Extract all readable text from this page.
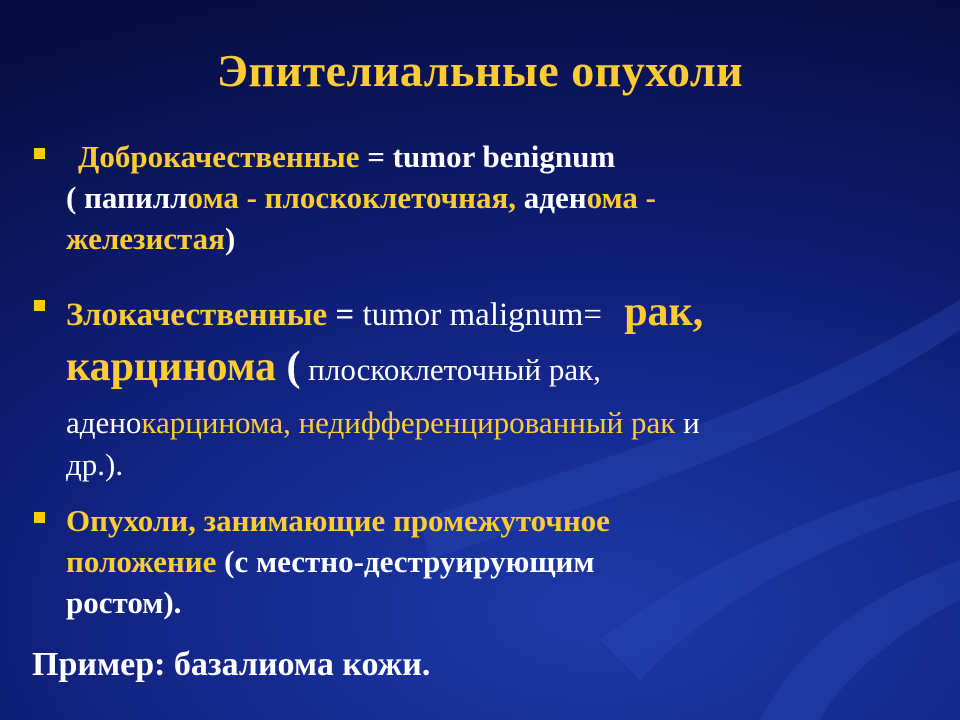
Эпителиальные опухоли
Доброкачественные = tumor benignum
( папиллома - плоскоклеточная, аденома -
железистая)
Злокачественные = tumor malignum= рак,
карцинома ( плоскоклеточный рак,
аденокарцинома, недифференцированный рак и
др.).
Опухоли, занимающие промежуточное
положение (с местно-деструирующим
ростом).
Пример: базалиома кожи.
